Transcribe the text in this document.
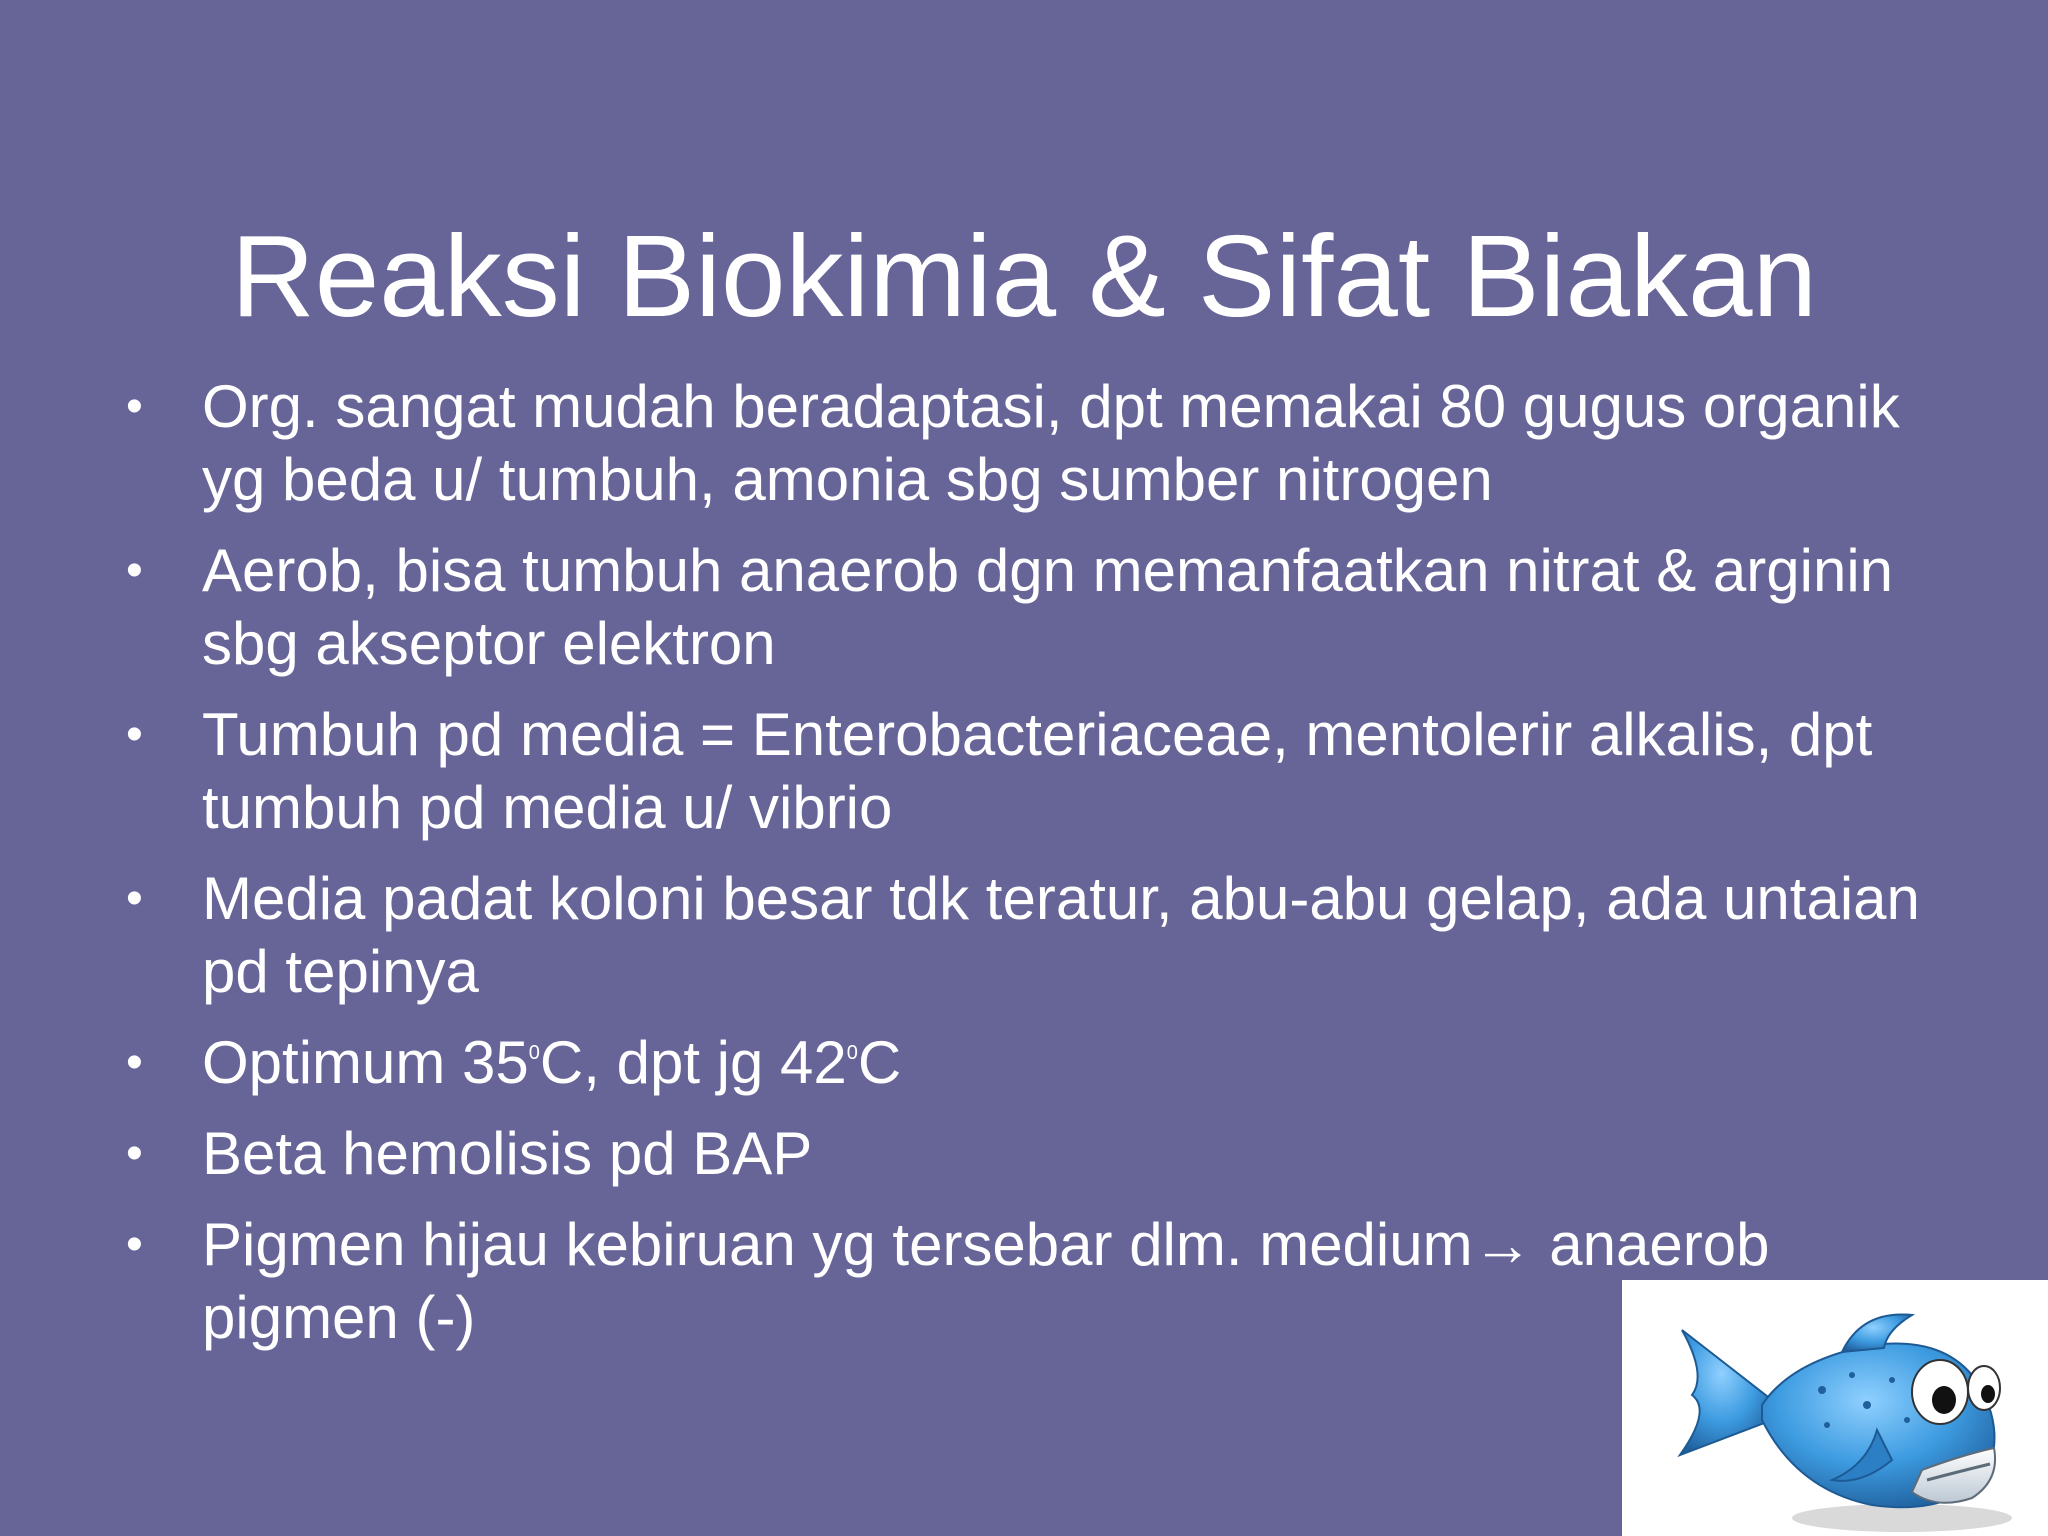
Reaksi Biokimia & Sifat Biakan
• Org. sangat mudah beradaptasi, dpt memakai 80 gugus organik yg beda u/ tumbuh, amonia sbg sumber nitrogen
• Aerob, bisa tumbuh anaerob dgn memanfaatkan nitrat & arginin sbg akseptor elektron
• Tumbuh pd media = Enterobacteriaceae, mentolerir alkalis, dpt tumbuh pd media u/ vibrio
• Media padat koloni besar tdk teratur, abu-abu gelap, ada untaian pd tepinya
• Optimum $35^0C$, dpt jg $42^0C$
• Beta hemolisis pd BAP
• Pigmen hijau kebiruan yg tersebar dlm. medium→ anaerob pigmen (-)
